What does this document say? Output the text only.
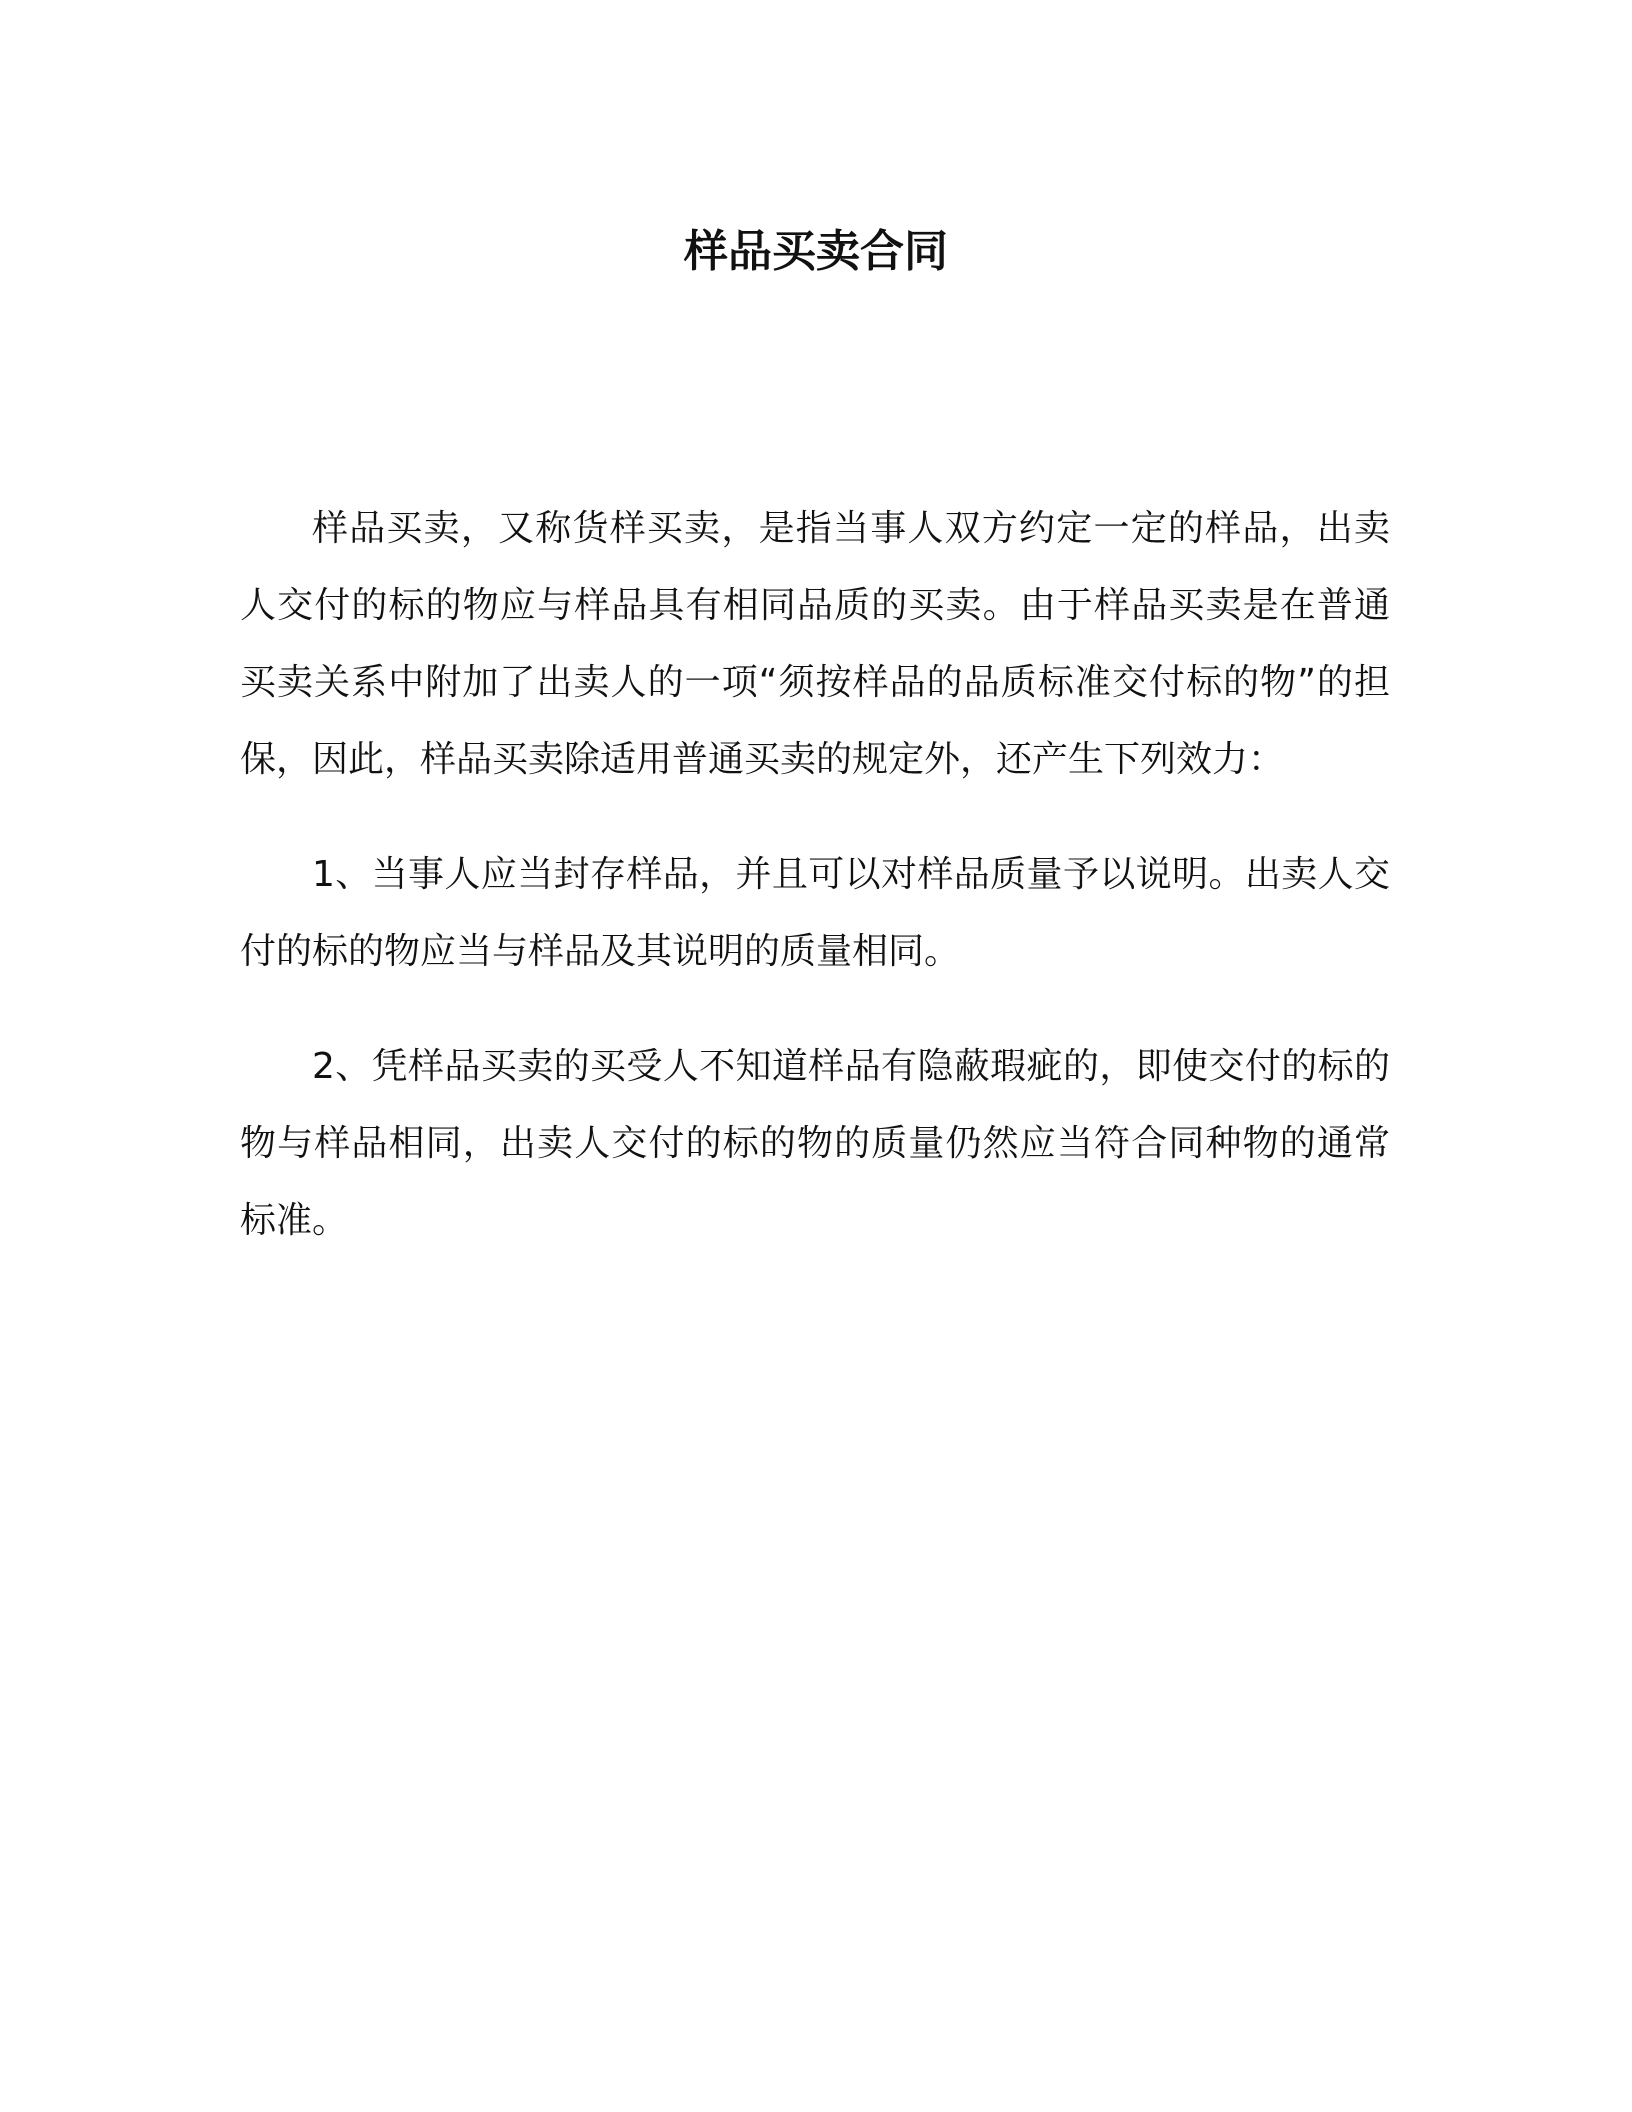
样品买卖合同

样品买卖，又称货样买卖，是指当事人双方约定一定的样品，出卖人交付的标的物应与样品具有相同品质的买卖。由于样品买卖是在普通买卖关系中附加了出卖人的一项“须按样品的品质标准交付标的物”的担保，因此，样品买卖除适用普通买卖的规定外，还产生下列效力：

1、当事人应当封存样品，并且可以对样品质量予以说明。出卖人交付的标的物应当与样品及其说明的质量相同。

2、凭样品买卖的买受人不知道样品有隐蔽瑕疵的，即使交付的标的物与样品相同，出卖人交付的标的物的质量仍然应当符合同种物的通常标准。
